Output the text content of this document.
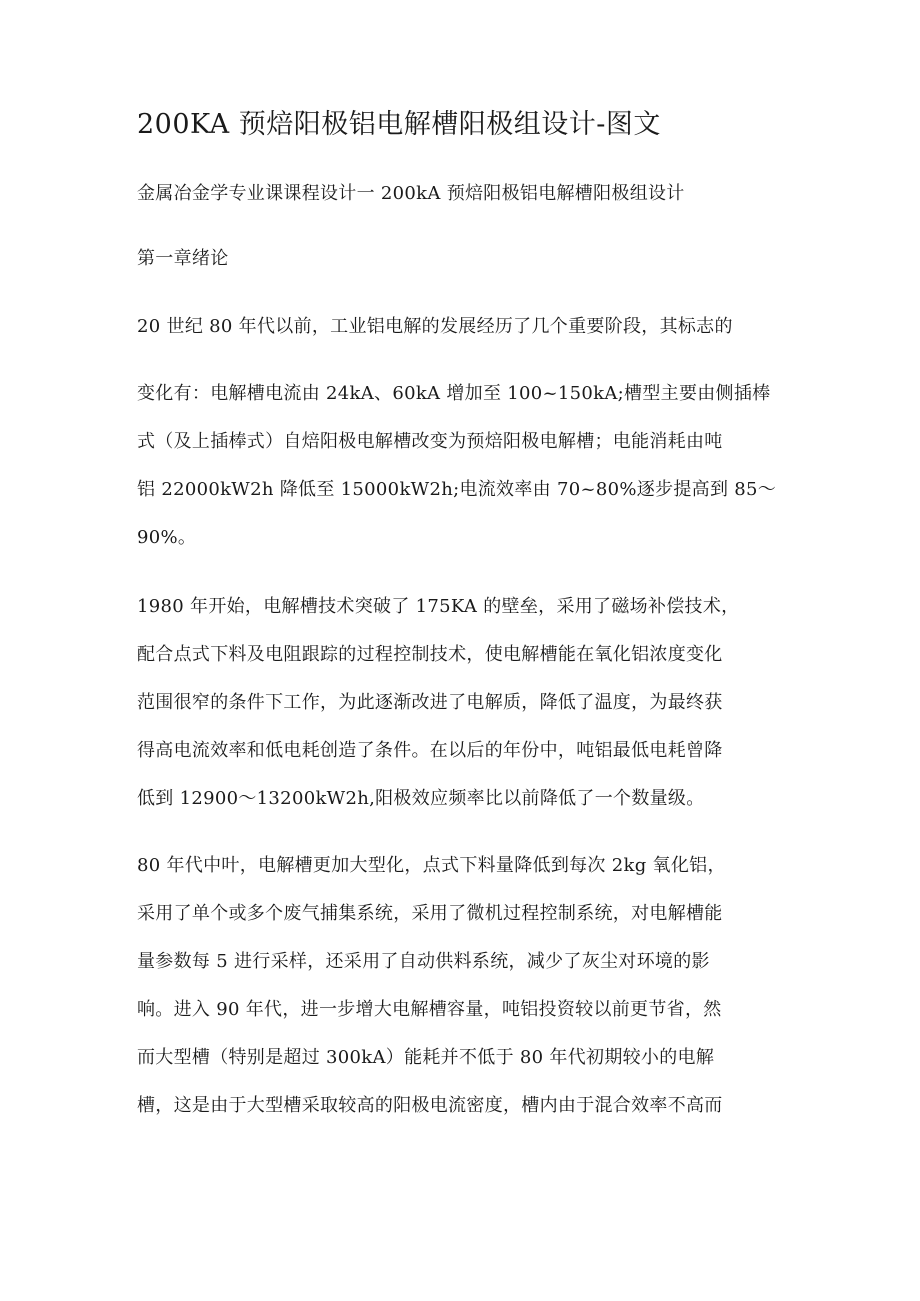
200KA 预焙阳极铝电解槽阳极组设计-图文
金属冶金学专业课课程设计一 200kA 预焙阳极铝电解槽阳极组设计
第一章绪论
20 世纪 80 年代以前，工业铝电解的发展经历了几个重要阶段，其标志的
变化有：电解槽电流由 24kA、60kA 增加至 100~150kA;槽型主要由侧插棒
式（及上插棒式）自焙阳极电解槽改变为预焙阳极电解槽；电能消耗由吨
铝 22000kW2h 降低至 15000kW2h;电流效率由 70~80%逐步提高到 85～
90%。
1980 年开始，电解槽技术突破了 175KA 的壁垒，采用了磁场补偿技术，
配合点式下料及电阻跟踪的过程控制技术，使电解槽能在氧化铝浓度变化
范围很窄的条件下工作，为此逐渐改进了电解质，降低了温度，为最终获
得高电流效率和低电耗创造了条件。在以后的年份中，吨铝最低电耗曾降
低到 12900～13200kW2h,阳极效应频率比以前降低了一个数量级。
80 年代中叶，电解槽更加大型化，点式下料量降低到每次 2kg 氧化铝，
采用了单个或多个废气捕集系统，采用了微机过程控制系统，对电解槽能
量参数每 5 进行采样，还采用了自动供料系统，减少了灰尘对环境的影
响。进入 90 年代，进一步增大电解槽容量，吨铝投资较以前更节省，然
而大型槽（特别是超过 300kA）能耗并不低于 80 年代初期较小的电解
槽，这是由于大型槽采取较高的阳极电流密度，槽内由于混合效率不高而
